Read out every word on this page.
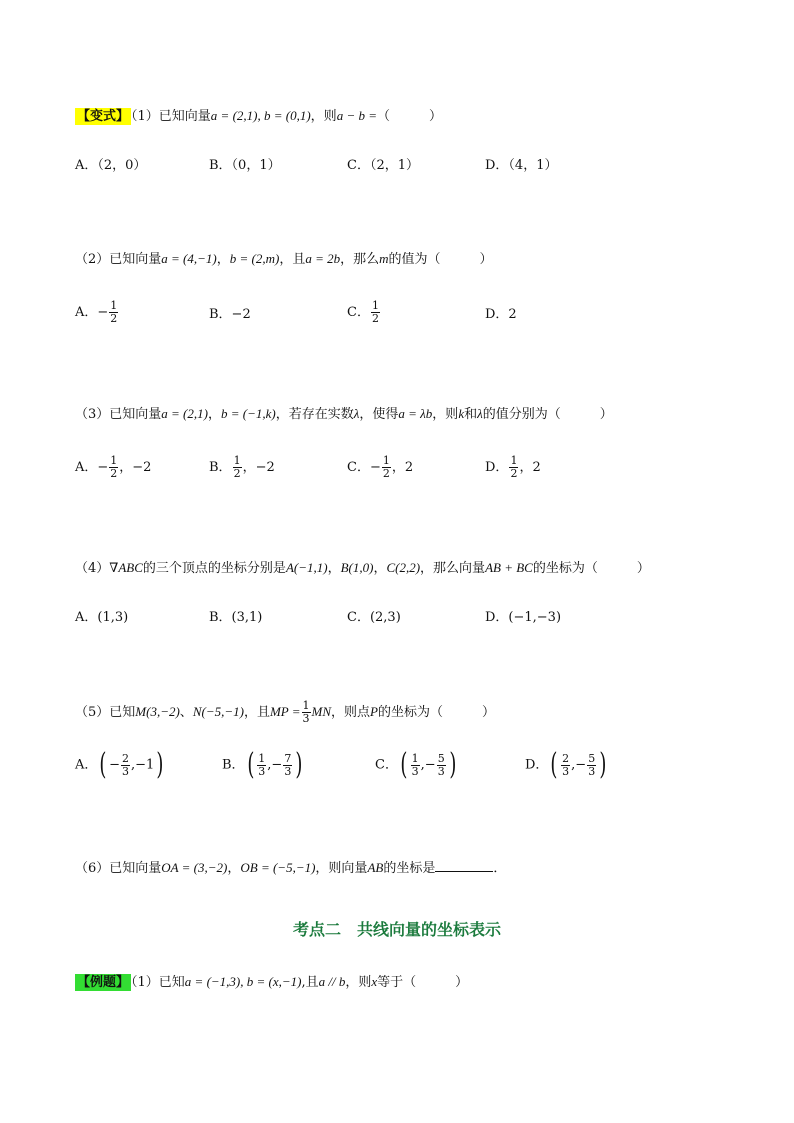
【变式】 （1）已知向量a = (2,1), b = (0,1)，则a − b =（　　　）
A．（2，0）	B．（0，1）	C．（2，1）	D．（4，1）
（2）已知向量a = (4,−1)，b = (2,m)，且a = 2b，那么m的值为（　　　）
A．− $\frac{1}{2}$	B．−2	C． $\frac{1}{2}$	D．2
（3）已知向量a = (2,1)，b = (−1,k)，若存在实数λ，使得a = λb，则k和λ的值分别为（　　　）
A．− $\frac{1}{2}$ ，−2	B． $\frac{1}{2}$ ，−2	C．− $\frac{1}{2}$ ，2	D． $\frac{1}{2}$ ，2
（4）∇ABC的三个顶点的坐标分别是A(−1,1)，B(1,0)，C(2,2)，那么向量AB + BC的坐标为（　　　）
A．(1,3)	B．(3,1)	C．(2,3)	D．(−1,−3)
（5）已知M(3,−2)、N(−5,−1)，且MP = $\frac{1}{3}$ MN，则点P的坐标为（　　　）
A．( − $\frac{2}{3} ,-1$)	B．( $\frac{1}{3}$ ,− $\frac{7}{3}$ )	C．( $\frac{1}{3}$ ,− $\frac{5}{3}$ )	D．( $\frac{2}{3}$ ,− $\frac{5}{3}$ )
（6）已知向量OA = (3,−2)，OB = (−5,−1)，则向量AB的坐标是	．
考点二　共线向量的坐标表示
【例题】 （1）已知a = (−1,3), b = (x,−1),且a // b，则x等于（　　　）
